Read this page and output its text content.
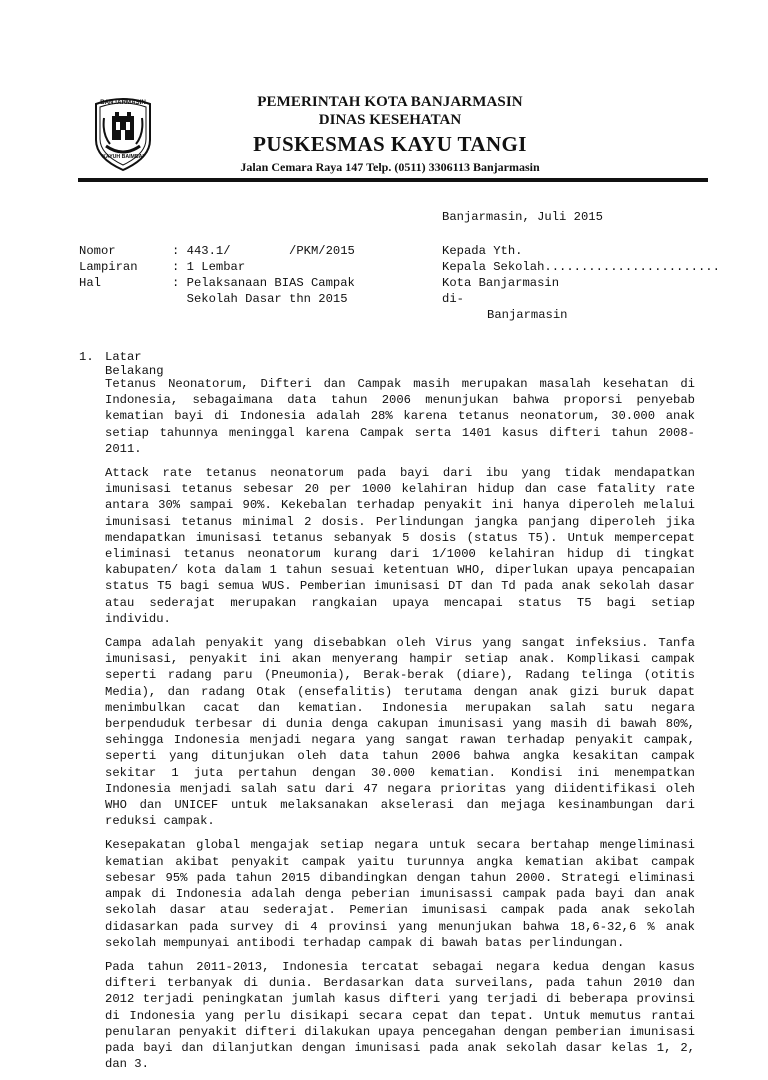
BANJARMASIN
KAYUH BAIMBAI
PEMERINTAH KOTA BANJARMASIN
DINAS KESEHATAN
PUSKESMAS KAYU TANGI
Jalan Cemara Raya 147 Telp. (0511) 3306113 Banjarmasin
Banjarmasin, Juli 2015
Nomor	: 443.1/        /PKM/2015
Lampiran	: 1 Lembar
Hal	: Pelaksanaan BIAS Campak
Sekolah Dasar thn 2015
Kepada Yth.
Kepala Sekolah........................
Kota Banjarmasin
di-
Banjarmasin
1. Latar Belakang

Tetanus Neonatorum, Difteri dan Campak masih merupakan masalah kesehatan di Indonesia, sebagaimana data tahun 2006 menunjukan bahwa proporsi penyebab kematian bayi di Indonesia adalah 28% karena tetanus neonatorum, 30.000 anak setiap tahunnya meninggal karena Campak serta 1401 kasus difteri tahun 2008-2011.

Attack rate tetanus neonatorum pada bayi dari ibu yang tidak mendapatkan imunisasi tetanus sebesar 20 per 1000 kelahiran hidup dan case fatality rate antara 30% sampai 90%. Kekebalan terhadap penyakit ini hanya diperoleh melalui imunisasi tetanus minimal 2 dosis. Perlindungan jangka panjang diperoleh jika mendapatkan imunisasi tetanus sebanyak 5 dosis (status T5). Untuk mempercepat eliminasi tetanus neonatorum kurang dari 1/1000 kelahiran hidup di tingkat kabupaten/ kota dalam 1 tahun sesuai ketentuan WHO, diperlukan upaya pencapaian status T5 bagi semua WUS. Pemberian imunisasi DT dan Td pada anak sekolah dasar atau sederajat merupakan rangkaian upaya mencapai status T5 bagi setiap individu.

Campa adalah penyakit yang disebabkan oleh Virus yang sangat infeksius. Tanfa imunisasi, penyakit ini akan menyerang hampir setiap anak. Komplikasi campak seperti radang paru (Pneumonia), Berak-berak (diare), Radang telinga (otitis Media), dan radang Otak (ensefalitis) terutama dengan anak gizi buruk dapat menimbulkan cacat dan kematian. Indonesia merupakan salah satu negara berpenduduk terbesar di dunia denga cakupan imunisasi yang masih di bawah 80%, sehingga Indonesia menjadi negara yang sangat rawan terhadap penyakit campak, seperti yang ditunjukan oleh data tahun 2006 bahwa angka kesakitan campak sekitar 1 juta pertahun dengan 30.000 kematian. Kondisi ini menempatkan Indonesia menjadi salah satu dari 47 negara prioritas yang diidentifikasi oleh WHO dan UNICEF untuk melaksanakan akselerasi dan mejaga kesinambungan dari reduksi campak.

Kesepakatan global mengajak setiap negara untuk secara bertahap mengeliminasi kematian akibat penyakit campak yaitu turunnya angka kematian akibat campak sebesar 95% pada tahun 2015 dibandingkan dengan tahun 2000. Strategi eliminasi ampak di Indonesia adalah denga peberian imunisassi campak pada bayi dan anak sekolah dasar atau sederajat. Pemerian imunisasi campak pada anak sekolah didasarkan pada survey di 4 provinsi yang menunjukan bahwa 18,6-32,6 % anak sekolah mempunyai antibodi terhadap campak di bawah batas perlindungan.

Pada tahun 2011-2013, Indonesia tercatat sebagai negara kedua dengan kasus difteri terbanyak di dunia. Berdasarkan data surveilans, pada tahun 2010 dan 2012 terjadi peningkatan jumlah kasus difteri yang terjadi di beberapa provinsi di Indonesia yang perlu disikapi secara cepat dan tepat. Untuk memutus rantai penularan penyakit difteri dilakukan upaya pencegahan dengan pemberian imunisasi pada bayi dan dilanjutkan dengan imunisasi pada anak sekolah dasar kelas 1, 2, dan 3.
